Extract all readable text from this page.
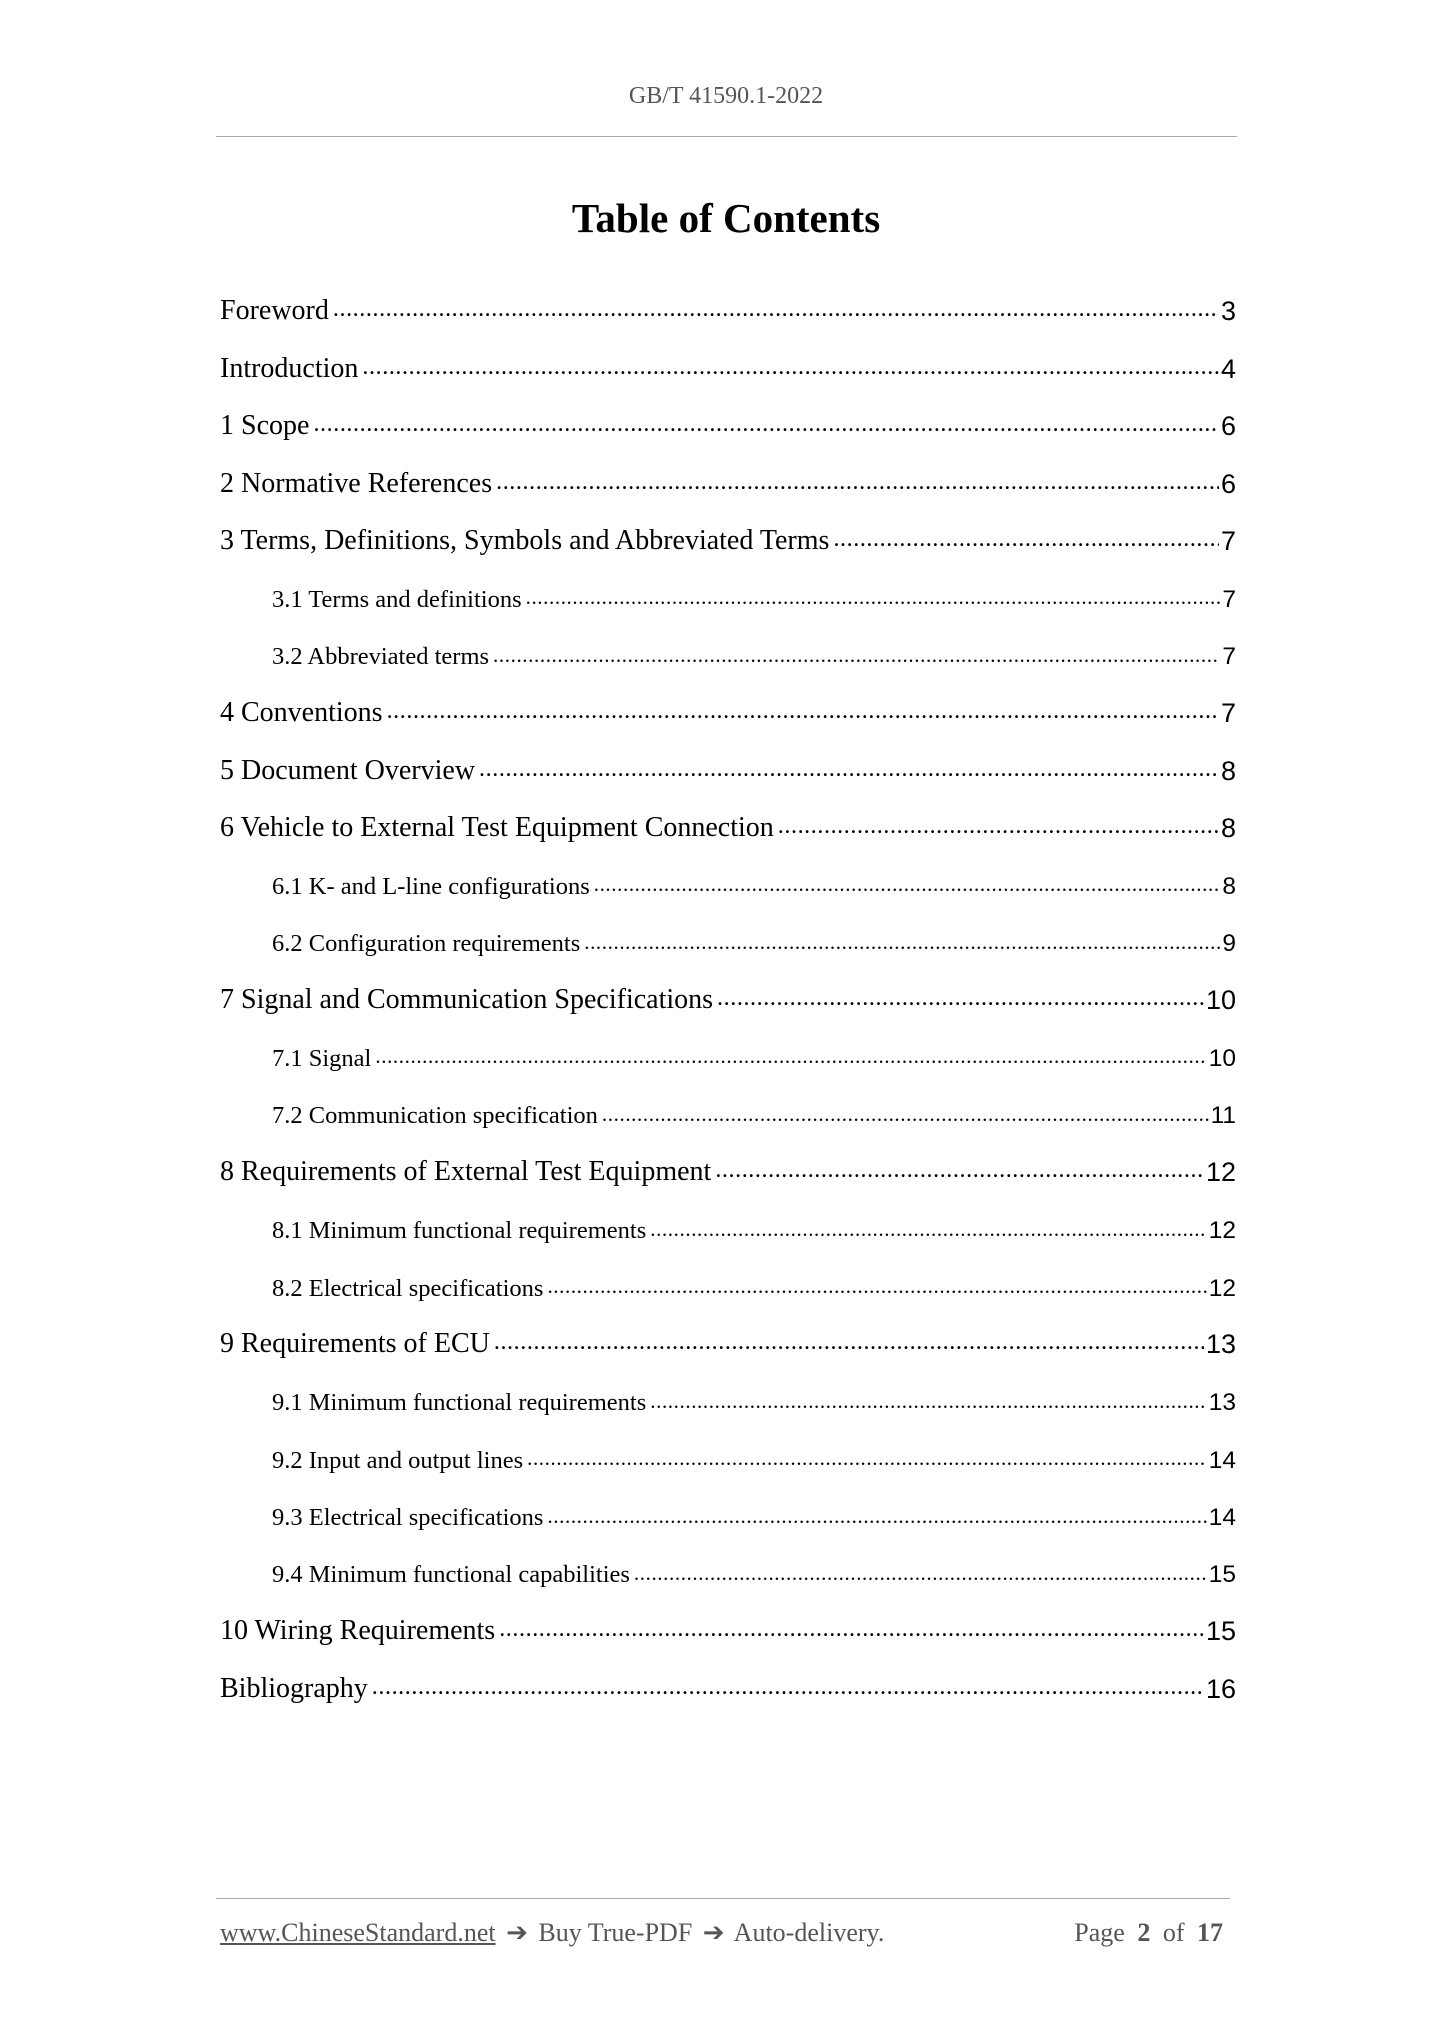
GB/T 41590.1-2022
Table of Contents
Foreword .....	3
Introduction .....	4
1 Scope .....	6
2 Normative References .....	6
3 Terms, Definitions, Symbols and Abbreviated Terms .....	7
3.1 Terms and definitions .....	7
3.2 Abbreviated terms .....	7
4 Conventions .....	7
5 Document Overview .....	8
6 Vehicle to External Test Equipment Connection .....	8
6.1 K- and L-line configurations .....	8
6.2 Configuration requirements .....	9
7 Signal and Communication Specifications .....	10
7.1 Signal .....	10
7.2 Communication specification .....	11
8 Requirements of External Test Equipment .....	12
8.1 Minimum functional requirements .....	12
8.2 Electrical specifications .....	12
9 Requirements of ECU .....	13
9.1 Minimum functional requirements .....	13
9.2 Input and output lines .....	14
9.3 Electrical specifications .....	14
9.4 Minimum functional capabilities .....	15
10 Wiring Requirements .....	15
Bibliography .....	16
www.ChineseStandard.net ➔ Buy True-PDF ➔ Auto-delivery.	Page 2 of 17
